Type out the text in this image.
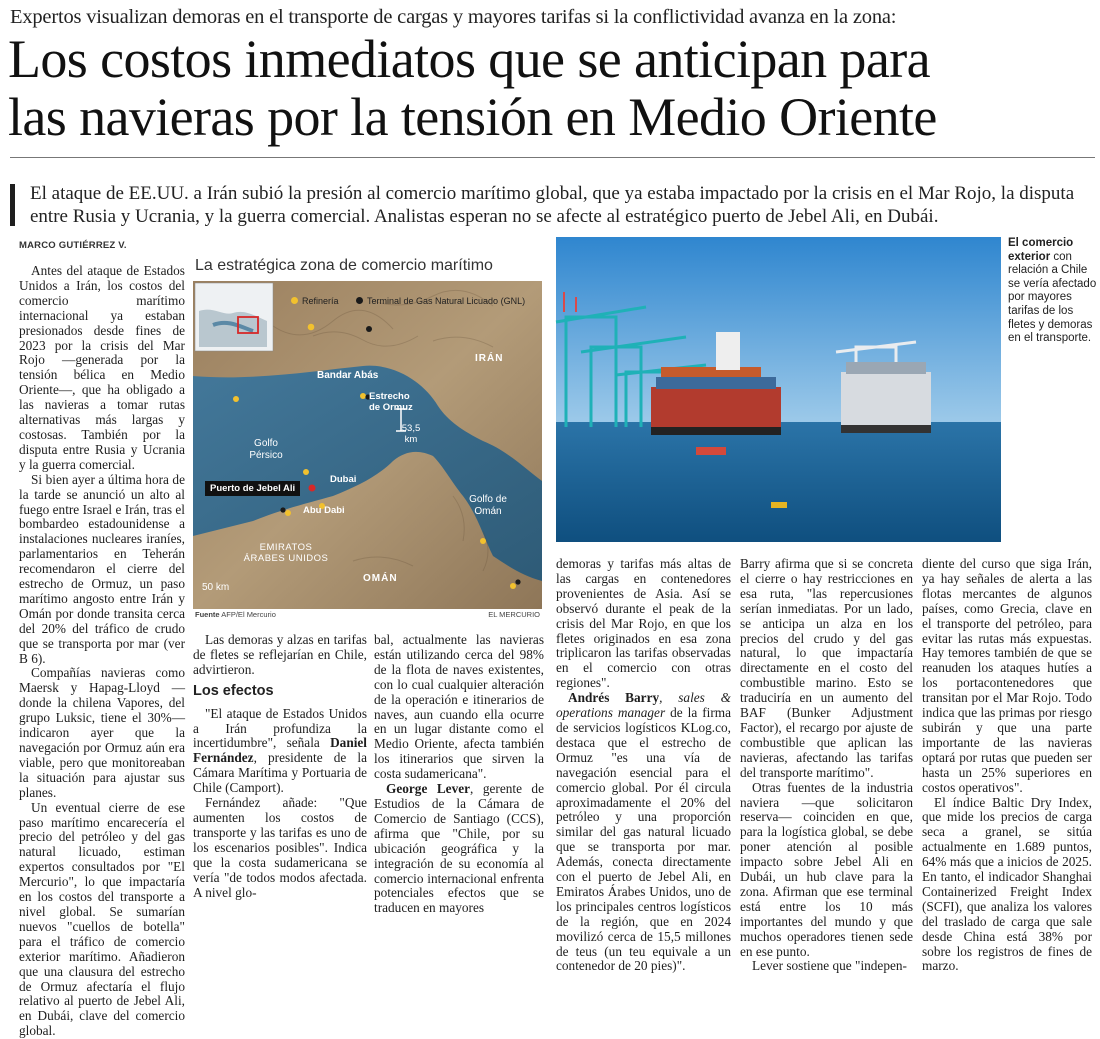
Expertos visualizan demoras en el transporte de cargas y mayores tarifas si la conflictividad avanza en la zona:
Los costos inmediatos que se anticipan para
las navieras por la tensión en Medio Oriente
El ataque de EE.UU. a Irán subió la presión al comercio marítimo global, que ya estaba impactado por la crisis en el Mar Rojo, la disputa entre Rusia y Ucrania, y la guerra comercial. Analistas esperan no se afecte al estratégico puerto de Jebel Ali, en Dubái.
MARCO GUTIÉRREZ V.

Antes del ataque de Estados Unidos a Irán, los costos del comercio marítimo internacional ya estaban presionados desde fines de 2023 por la crisis del Mar Rojo —generada por la tensión bélica en Medio Oriente—, que ha obligado a las navieras a tomar rutas alternativas más largas y costosas. También por la disputa entre Rusia y Ucrania y la guerra comercial.

Si bien ayer a última hora de la tarde se anunció un alto al fuego entre Israel e Irán, tras el bombardeo estadounidense a instalaciones nucleares iraníes, parlamentarios en Teherán recomendaron el cierre del estrecho de Ormuz, un paso marítimo angosto entre Irán y Omán por donde transita cerca del 20% del tráfico de crudo que se transporta por mar (ver B 6).

Compañías navieras como Maersk y Hapag-Lloyd —donde la chilena Vapores, del grupo Luksic, tiene el 30%— indicaron ayer que la navegación por Ormuz aún era viable, pero que monitoreaban la situación para ajustar sus planes.

Un eventual cierre de ese paso marítimo encarecería el precio del petróleo y del gas natural licuado, estiman expertos consultados por "El Mercurio", lo que impactaría en los costos del transporte a nivel global. Se sumarían nuevos "cuellos de botella" para el tráfico de comercio exterior marítimo. Añadieron que una clausura del estrecho de Ormuz afectaría el flujo relativo al puerto de Jebel Ali, en Dubái, clave del comercio global.

La estratégica zona de comercio marítimo
Refinería	Terminal de Gas Natural Licuado (GNL)
IRÁN
Bandar Abás
Estrecho de Ormuz
53,5 km
Golfo Pérsico
Puerto de Jebel Ali
Dubai
Abu Dabi
Golfo de Omán
EMIRATOS ÁRABES UNIDOS
OMÁN
50 km
Fuente AFP/El Mercurio	EL MERCURIO

Las demoras y alzas en tarifas de fletes se reflejarían en Chile, advirtieron.

Los efectos

"El ataque de Estados Unidos a Irán profundiza la incertidumbre", señala Daniel Fernández, presidente de la Cámara Marítima y Portuaria de Chile (Camport).

Fernández añade: "Que aumenten los costos de transporte y las tarifas es uno de los escenarios posibles". Indica que la costa sudamericana se vería "de todos modos afectada. A nivel glo-

bal, actualmente las navieras están utilizando cerca del 98% de la flota de naves existentes, con lo cual cualquier alteración de la operación e itinerarios de naves, aun cuando ella ocurre en un lugar distante como el Medio Oriente, afecta también los itinerarios que sirven la costa sudamericana".

George Lever, gerente de Estudios de la Cámara de Comercio de Santiago (CCS), afirma que "Chile, por su ubicación geográfica y la integración de su economía al comercio internacional enfrenta potenciales efectos que se traducen en mayores

El comercio exterior con relación a Chile se vería afectado por mayores tarifas de los fletes y demoras en el transporte.

demoras y tarifas más altas de las cargas en contenedores provenientes de Asia. Así se observó durante el peak de la crisis del Mar Rojo, en que los fletes originados en esa zona triplicaron las tarifas observadas en el comercio con otras regiones".

Andrés Barry, sales & operations manager de la firma de servicios logísticos KLog.co, destaca que el estrecho de Ormuz "es una vía de navegación esencial para el comercio global. Por él circula aproximadamente el 20% del petróleo y una proporción similar del gas natural licuado que se transporta por mar. Además, conecta directamente con el puerto de Jebel Ali, en Emiratos Árabes Unidos, uno de los principales centros logísticos de la región, que en 2024 movilizó cerca de 15,5 millones de teus (un teu equivale a un contenedor de 20 pies)".

Barry afirma que si se concreta el cierre o hay restricciones en esa ruta, "las repercusiones serían inmediatas. Por un lado, se anticipa un alza en los precios del crudo y del gas natural, lo que impactaría directamente en el costo del combustible marino. Esto se traduciría en un aumento del BAF (Bunker Adjustment Factor), el recargo por ajuste de combustible que aplican las navieras, afectando las tarifas del transporte marítimo".

Otras fuentes de la industria naviera —que solicitaron reserva— coinciden en que, para la logística global, se debe poner atención al posible impacto sobre Jebel Ali en Dubái, un hub clave para la zona. Afirman que ese terminal está entre los 10 más importantes del mundo y que muchos operadores tienen sede en ese punto.

Lever sostiene que "indepen-

diente del curso que siga Irán, ya hay señales de alerta a las flotas mercantes de algunos países, como Grecia, clave en el transporte del petróleo, para evitar las rutas más expuestas. Hay temores también de que se reanuden los ataques hutíes a los portacontenedores que transitan por el Mar Rojo. Todo indica que las primas por riesgo subirán y que una parte importante de las navieras optará por rutas que pueden ser hasta un 25% superiores en costos operativos".

El índice Baltic Dry Index, que mide los precios de carga seca a granel, se sitúa actualmente en 1.689 puntos, 64% más que a inicios de 2025. En tanto, el indicador Shanghai Containerized Freight Index (SCFI), que analiza los valores del traslado de carga que sale desde China está 38% por sobre los registros de fines de marzo.
